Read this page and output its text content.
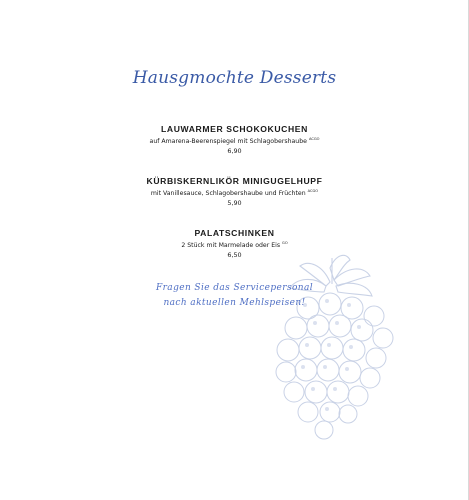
Hausgmochte Desserts
LAUWARMER SCHOKOKUCHEN
auf Amarena-Beerenspiegel mit Schlagobershaube $^{ACGO}$
6,90
KÜRBISKERNLIKÖR MINIGUGELHUPF
mit Vanillesauce, Schlagobershaube und Früchten $^{ACGO}$
5,90
PALATSCHINKEN
2 Stück mit Marmelade oder Eis $^{GO}$
6,50
Fragen Sie das Servicepersonal
nach aktuellen Mehlspeisen!
